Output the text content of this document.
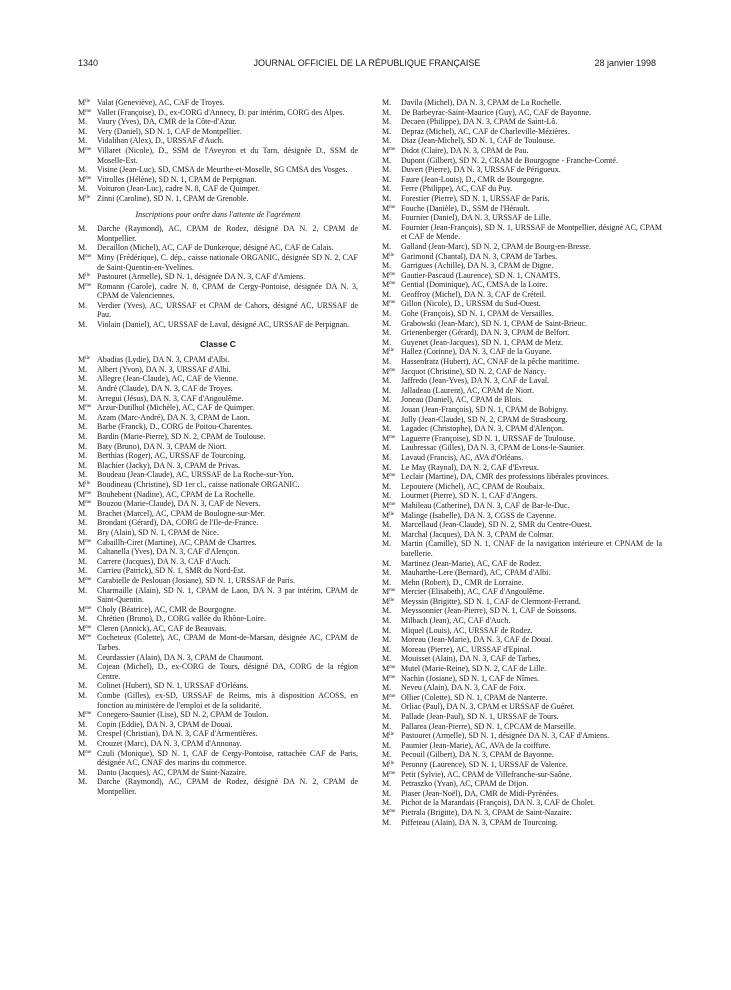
1340	JOURNAL OFFICIEL DE LA RÉPUBLIQUE FRANÇAISE	28 janvier 1998
$M^{lle}$ Valat (Geneviève), AC, CAF de Troyes.
$M^{me}$ Vallet (Françoise), D., ex-CORG d'Annecy, D. par intérim, CORG des Alpes.
M. Vaury (Yves), DA, CMR de la Côte-d'Azur.
M. Very (Daniel), SD N. 1, CAF de Montpellier.
M. Vidalihan (Alex), D., URSSAF d'Auch.
$M^{me}$ Villaret (Nicole), D., SSM de l'Aveyron et du Tarn, désignée D., SSM de Moselle-Est.
M. Visine (Jean-Luc), SD, CMSA de Meurthe-et-Moselle, SG CMSA des Vosges.
$M^{me}$ Vitrolles (Hélène), SD N. 1, CPAM de Perpignan.
M. Voituron (Jean-Luc), cadre N. 8, CAF de Quimper.
$M^{lle}$ Zinni (Caroline), SD N. 1, CPAM de Grenoble.
Inscriptions pour ordre dans l'attente de l'agrément
M. Darche (Raymond), AC, CPAM de Rodez, désigné DA N. 2, CPAM de Montpellier.
M. Decaillon (Michel), AC, CAF de Dunkerque, désigné AC, CAF de Calais.
$M^{me}$ Miny (Frédérique), C. dép., caisse nationale ORGANIC, désignée SD N. 2, CAF de Saint-Quentin-en-Yvelines.
$M^{lle}$ Pastouret (Armelle), SD N. 1, désignée DA N. 3, CAF d'Amiens.
$M^{me}$ Romann (Carole), cadre N. 8, CPAM de Cergy-Pontoise, désignée DA N. 3, CPAM de Valenciennes.
M. Verdier (Yves), AC, URSSAF et CPAM de Cahors, désigné AC, URSSAF de Pau.
M. Violain (Daniel), AC, URSSAF de Laval, désigné AC, URSSAF de Perpignan.
Classe C
$M^{lle}$ Abadias (Lydie), DA N. 3, CPAM d'Albi.
M. Albert (Yvon), DA N. 3, URSSAF d'Albi.
M. Allegre (Jean-Claude), AC, CAF de Vienne.
M. André (Claude), DA N. 3, CAF de Troyes.
M. Arregui (Jésus), DA N. 3, CAF d'Angoulême.
$M^{me}$ Arzur-Dutilhol (Michèle), AC, CAF de Quimper.
M. Azam (Marc-André), DA N. 3, CPAM de Laon.
M. Barbe (Franck), D., CORG de Poitou-Charentes.
M. Bardin (Marie-Pierre), SD N. 2, CPAM de Toulouse.
M. Baty (Bruno), DA N. 3, CPAM de Niort.
M. Berthias (Roger), AC, URSSAF de Tourcoing.
M. Blachier (Jacky), DA N. 3, CPAM de Privas.
M. Boudeau (Jean-Claude), AC, URSSAF de La Roche-sur-Yon.
$M^{lle}$ Boudineau (Christine), SD 1er cl., caisse nationale ORGANIC.
$M^{me}$ Bouhebent (Nadine), AC, CPAM de La Rochelle.
$M^{me}$ Bouzou (Marie-Claude), DA N. 3, CAF de Nevers.
M. Brachet (Marcel), AC, CPAM de Boulogne-sur-Mer.
M. Brondani (Gérard), DA, CORG de l'Ile-de-France.
M. Bry (Alain), SD N. 1, CPAM de Nice.
$M^{me}$ Cabaillh-Ciret (Martine), AC, CPAM de Chartres.
M. Caltanella (Yves), DA N. 3, CAF d'Alençon.
M. Carrere (Jacques), DA N. 3, CAF d'Auch.
M. Carrieu (Patrick), SD N. 1, SMR du Nord-Est.
$M^{me}$ Carabielle de Peslouan (Josiane), SD N. 1, URSSAF de Paris.
M. Charmaille (Alain), SD N. 1, CPAM de Laon, DA N. 3 par intérim, CPAM de Saint-Quentin.
$M^{me}$ Choly (Béatrice), AC, CMR de Bourgogne.
M. Chrétien (Bruno), D., CORG vallée du Rhône-Loire.
$M^{me}$ Cleren (Annick), AC, CAF de Beauvais.
$M^{me}$ Cocheteux (Colette), AC, CPAM de Mont-de-Marsan, désignée AC, CPAM de Tarbes.
M. Ceurdassier (Alain), DA N. 3, CPAM de Chaumont.
M. Cojean (Michel), D., ex-CORG de Tours, désigné DA, CORG de la région Centre.
M. Colinet (Hubert), SD N. 1, URSSAF d'Orléans.
M. Combe (Gilles), ex-SD, URSSAF de Reims, mis à disposition ACOSS, en fonction au ministère de l'emploi et de la solidarité.
$M^{me}$ Conegero-Saunier (Lise), SD N. 2, CPAM de Toulon.
M. Copin (Eddie), DA N. 3, CPAM de Douai.
M. Crespel (Christian), DA N. 3, CAF d'Armentières.
M. Crouzet (Marc), DA N. 3, CPAM d'Annonay.
$M^{me}$ Czuli (Monique), SD N. 1, CAF de Cergy-Pontoise, rattachée CAF de Paris, désignée AC, CNAF des marins du commerce.
M. Danto (Jacques), AC, CPAM de Saint-Nazaire.
M. Darche (Raymond), AC, CPAM de Rodez, désigné DA N. 2, CPAM de Montpellier.
M. Davila (Michel), DA N. 3, CPAM de La Rochelle.
M. De Barbeyrac-Saint-Maurice (Guy), AC, CAF de Bayonne.
M. Decaen (Philippe), DA N. 3, CPAM de Saint-Lô.
M. Depraz (Michel), AC, CAF de Charleville-Mézières.
M. Diaz (Jean-Michel), SD N. 1, CAF de Toulouse.
$M^{me}$ Didot (Claire), DA N. 3, CPAM de Pau.
M. Dupont (Gilbert), SD N. 2, CRAM de Bourgogne - Franche-Comté.
M. Duvert (Pierre), DA N. 3, URSSAF de Périgueux.
M. Faure (Jean-Louis), D., CMR de Bourgogne.
M. Ferre (Philippe), AC, CAF du Puy.
M. Forestier (Pierre), SD N. 1, URSSAF de Paris.
$M^{me}$ Fouche (Danièle), D., SSM de l'Hérault.
M. Fournier (Daniel), DA N. 3, URSSAF de Lille.
M. Fournier (Jean-François), SD N. 1, URSSAF de Montpellier, désigné AC, CPAM et CAF de Mende.
M. Galland (Jean-Marc), SD N. 2, CPAM de Bourg-en-Bresse.
$M^{lle}$ Garimond (Chantal), DA N. 3, CPAM de Tarbes.
M. Garrigues (Achille), DA N. 3, CPAM de Digne.
$M^{me}$ Gautier-Pascaud (Laurence), SD N. 1, CNAMTS.
$M^{me}$ Gential (Dominique), AC, CMSA de la Loire.
M. Geoffroy (Michel), DA N. 3, CAF de Créteil.
$M^{me}$ Gillon (Nicole), D., URSSM du Sud-Ouest.
M. Gohe (François), SD N. 1, CPAM de Versailles.
M. Grabowski (Jean-Marc), SD N. 1, CPAM de Saint-Brieuc.
M. Grienenberger (Gérard), DA N. 3, CPAM de Belfort.
M. Guyenet (Jean-Jacques), SD N. 1, CPAM de Metz.
$M^{lle}$ Hallez (Corinne), DA N. 3, CAF de la Guyane.
M. Hassenfratz (Hubert), AC, CNAF de la pêche maritime.
$M^{me}$ Jacquot (Christine), SD N. 2, CAF de Nancy.
M. Jaffredo (Jean-Yves), DA N. 3, CAF de Laval.
M. Jalladeau (Laurent), AC, CPAM de Niort.
M. Joneau (Daniel), AC, CPAM de Blois.
M. Jouan (Jean-François), SD N. 1, CPAM de Bobigny.
M. Jully (Jean-Claude), SD N. 2, CPAM de Strasbourg.
M. Lagadec (Christophe), DA N. 3, CPAM d'Alençon.
$M^{me}$ Laguerre (Françoise), SD N. 1, URSSAF de Toulouse.
M. Laubressac (Gilles), DA N. 3, CPAM de Lons-le-Saunier.
M. Lavaud (Francis), AC, AVA d'Orléans.
M. Le May (Raynal), DA N. 2, CAF d'Evreux.
$M^{me}$ Leclair (Martine), DA, CMR des professions libérales provinces.
M. Lepoutere (Michel), AC, CPAM de Roubaix.
M. Lourmet (Pierre), SD N. 1, CAF d'Angers.
$M^{me}$ Mahileau (Catherine), DA N. 3, CAF de Bar-le-Duc.
$M^{lle}$ Malinge (Isabelle), DA N. 3, CGSS de Cayenne.
M. Marcellaud (Jean-Claude), SD N. 2, SMR du Centre-Ouest.
M. Marchal (Jacques), DA N. 3, CPAM de Colmar.
M. Martin (Camille), SD N. 1, CNAF de la navigation intérieure et CPNAM de la batellerie.
M. Martinez (Jean-Marie), AC, CAF de Rodez.
M. Mauharthe-Lere (Bernard), AC, CPAM d'Albi.
M. Mehn (Robert), D., CMR de Lorraine.
$M^{me}$ Mercier (Elisabeth), AC, CAF d'Angoulême.
$M^{lle}$ Meyssin (Brigitte), SD N. 1, CAF de Clermont-Ferrand.
M. Meyssonnier (Jean-Pierre), SD N. 1, CAF de Soissons.
M. Milbach (Jean), AC, CAF d'Auch.
M. Miquel (Louis), AC, URSSAF de Rodez.
M. Moreau (Jean-Marie), DA N. 3, CAF de Douai.
M. Moreau (Pierre), AC, URSSAF d'Epinal.
M. Mouisset (Alain), DA N. 3, CAF de Tarbes.
$M^{me}$ Mutel (Marie-Reine), SD N. 2, CAF de Lille.
$M^{me}$ Nachin (Josiane), SD N. 1, CAF de Nîmes.
M. Neveu (Alain), DA N. 3, CAF de Foix.
$M^{me}$ Ollier (Colette), SD N. 1, CPAM de Nanterre.
M. Orliac (Paul), DA N. 3, CPAM et URSSAF de Guéret.
M. Pallade (Jean-Paul), SD N. 1, URSSAF de Tours.
M. Pallarea (Jean-Pierre), SD N. 1, CPCAM de Marseille.
$M^{lle}$ Pastouret (Armelle), SD N. 1, désignée DA N. 3, CAF d'Amiens.
M. Paumier (Jean-Marie), AC, AVA de la coiffure.
M. Pecouil (Gilbert), DA N. 3, CPAM de Bayonne.
$M^{lle}$ Peronny (Laurence), SD N. 1, URSSAF de Valence.
$M^{me}$ Petit (Sylvie), AC, CPAM de Villefranche-sur-Saône.
M. Petraszko (Yvan), AC, CPAM de Dijon.
M. Piaser (Jean-Noël), DA, CMR de Midi-Pyrénées.
M. Pichot de la Marandais (François), DA N. 3, CAF de Cholet.
$M^{me}$ Pietrala (Brigitte), DA N. 3, CPAM de Saint-Nazaire.
M. Piffeteau (Alain), DA N. 3, CPAM de Tourcoing.
